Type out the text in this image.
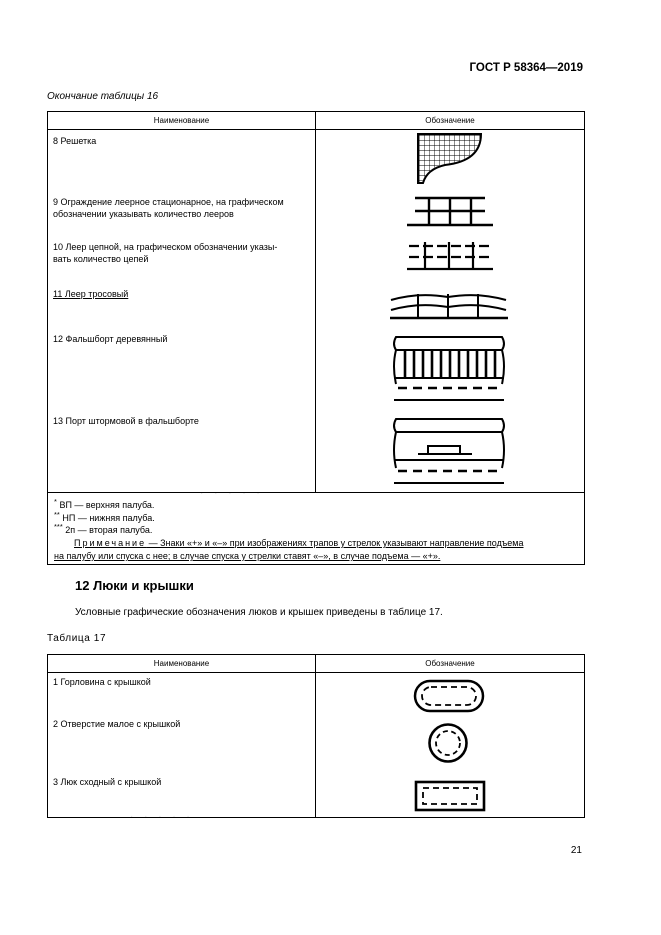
· · · · ·
· · · · ·
ГОСТ Р 58364—2019
Окончание таблицы 16
Наименование	Обозначение

8 Решетка
9 Ограждение леерное стационарное, на графическом
обозначении указывать количество лееров
10 Леер цепной, на графическом обозначении указы-
вать количество цепей
11 Леер тросовый
12 Фальшборт деревянный
13 Порт штормовой в фальшборте
* ВП — верхняя палуба.
** НП — нижняя палуба.
*** 2п — вторая палуба.
Примечание — Знаки «+» и «–» при изображениях трапов у стрелок указывают направление подъема
на палубу или спуска с нее; в случае спуска у стрелки ставят «–», в случае подъема — «+».
12 Люки и крышки
Условные графические обозначения люков и крышек приведены в таблице 17.
Таблица 17
Наименование	Обозначение

1 Горловина с крышкой
2 Отверстие малое с крышкой
3 Люк сходный с крышкой
21
